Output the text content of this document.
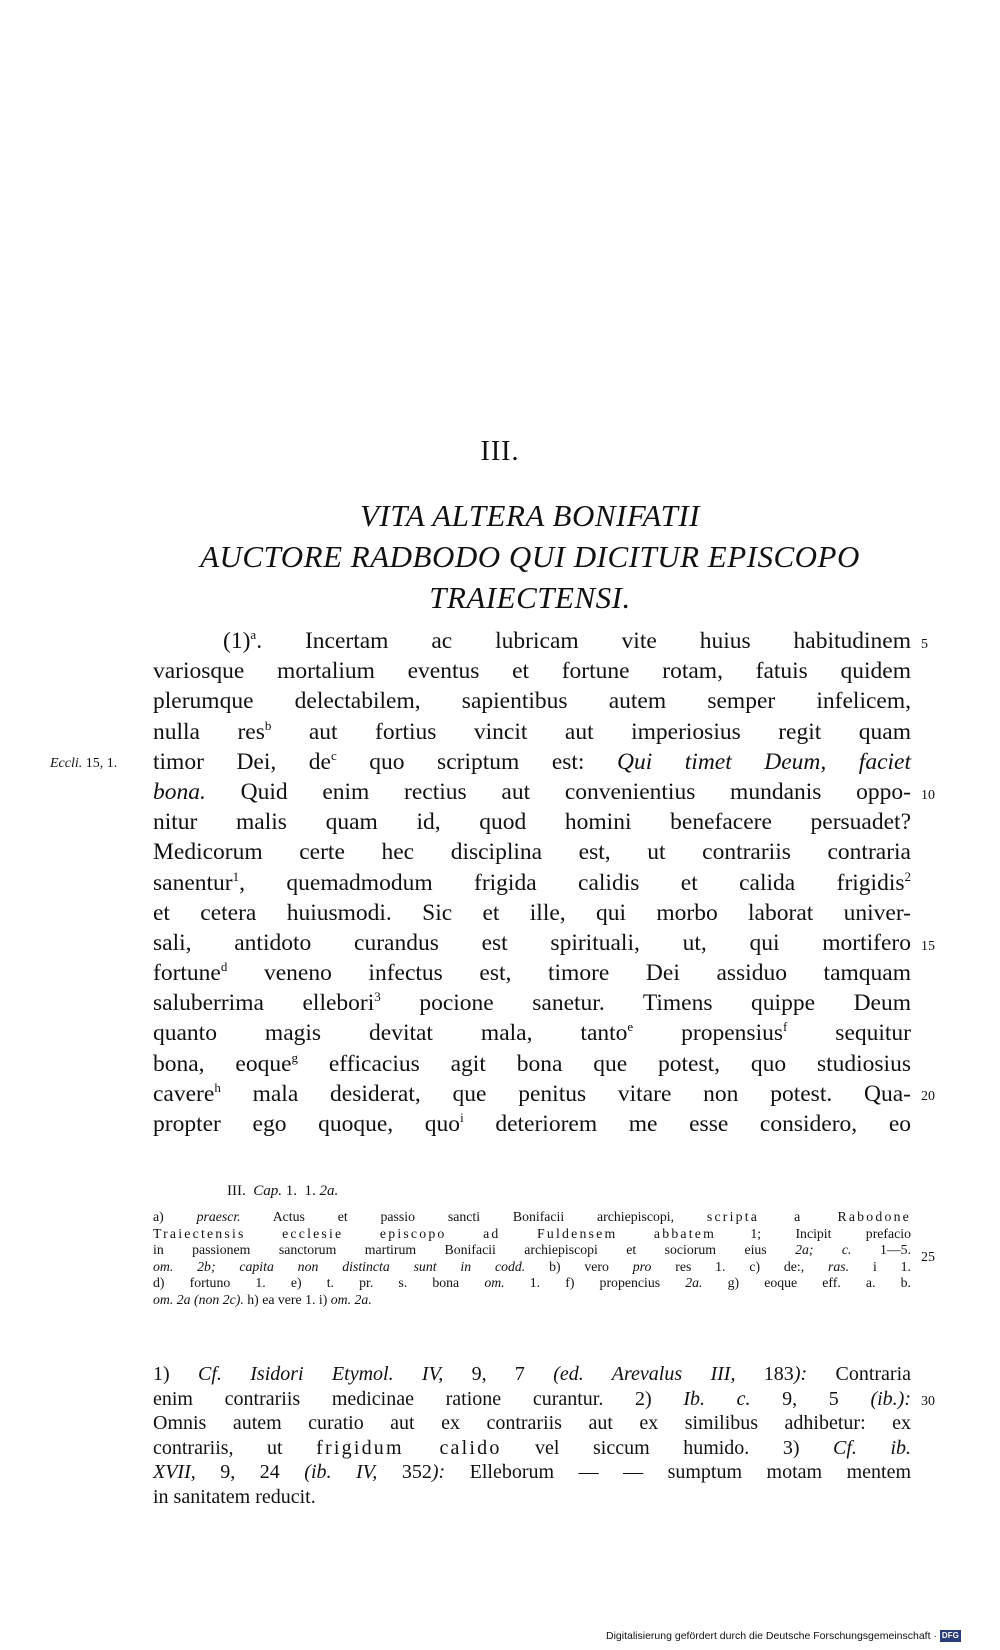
III.
VITA ALTERA BONIFATII
AUCTORE RADBODO QUI DICITUR EPISCOPO
TRAIECTENSI.
Eccli. 15, 1.
$(1)^a$. Incertam ac lubricam vite huius habitudinem
variosque mortalium eventus et fortune rotam, fatuis quidem
plerumque delectabilem, sapientibus autem semper infelicem,
nulla res$^b$ aut fortius vincit aut imperiosius regit quam
timor Dei, $de^c$ quo scriptum est: Qui timet Deum, faciet
bona. Quid enim rectius aut convenientius mundanis oppo-
nitur malis quam id, quod homini benefacere persuadet?
Medicorum certe hec disciplina est, ut contrariis contraria
sanentur$^1$, quemadmodum frigida calidis et calida frigidis$^2$
et cetera huiusmodi. Sic et ille, qui morbo laborat univer-
sali, antidoto curandus est spirituali, ut, qui mortifero
fortune$^d$ veneno infectus est, timore Dei assiduo tamquam
saluberrima ellebori$^3$ pocione sanetur. Timens quippe Deum
quanto magis devitat mala, tanto$^e$ propensius$^f$ sequitur
bona, eoque$^g$ efficacius agit bona que potest, quo studiosius
cavere$^h$ mala desiderat, que penitus vitare non potest. Qua-
propter ego quoque, quo$^i$ deteriorem me esse considero, eo
5
10
15
20
25
30
III. Cap. 1. 1. 2a.
a) praescr. Actus et passio sancti Bonifacii archiepiscopi, scripta a Rabodone
Traiectensis ecclesie episcopo ad Fuldensem abbatem 1; Incipit prefacio
in passionem sanctorum martirum Bonifacii archiepiscopi et sociorum eius 2a; c. 1—5.
om. 2b; capita non distincta sunt in codd. b) vero pro res 1. c) de:, ras. i 1.
d) fortuno 1. e) t. pr. s. bona om. 1. f) propencius 2a. g) eoque eff. a. b.
om. 2a (non 2c). h) ea vere 1. i) om. 2a.
1) Cf. Isidori Etymol. IV, 9, 7 (ed. Arevalus III, 183): Contraria
enim contrariis medicinae ratione curantur. 2) Ib. c. 9, 5 (ib.):
Omnis autem curatio aut ex contrariis aut ex similibus adhibetur: ex
contrariis, ut frigidum calido vel siccum humido. 3) Cf. ib.
XVII, 9, 24 (ib. IV, 352): Elleborum — — sumptum motam mentem
in sanitatem reducit.
Digitalisierung gefördert durch die Deutsche Forschungsgemeinschaft · DFG
